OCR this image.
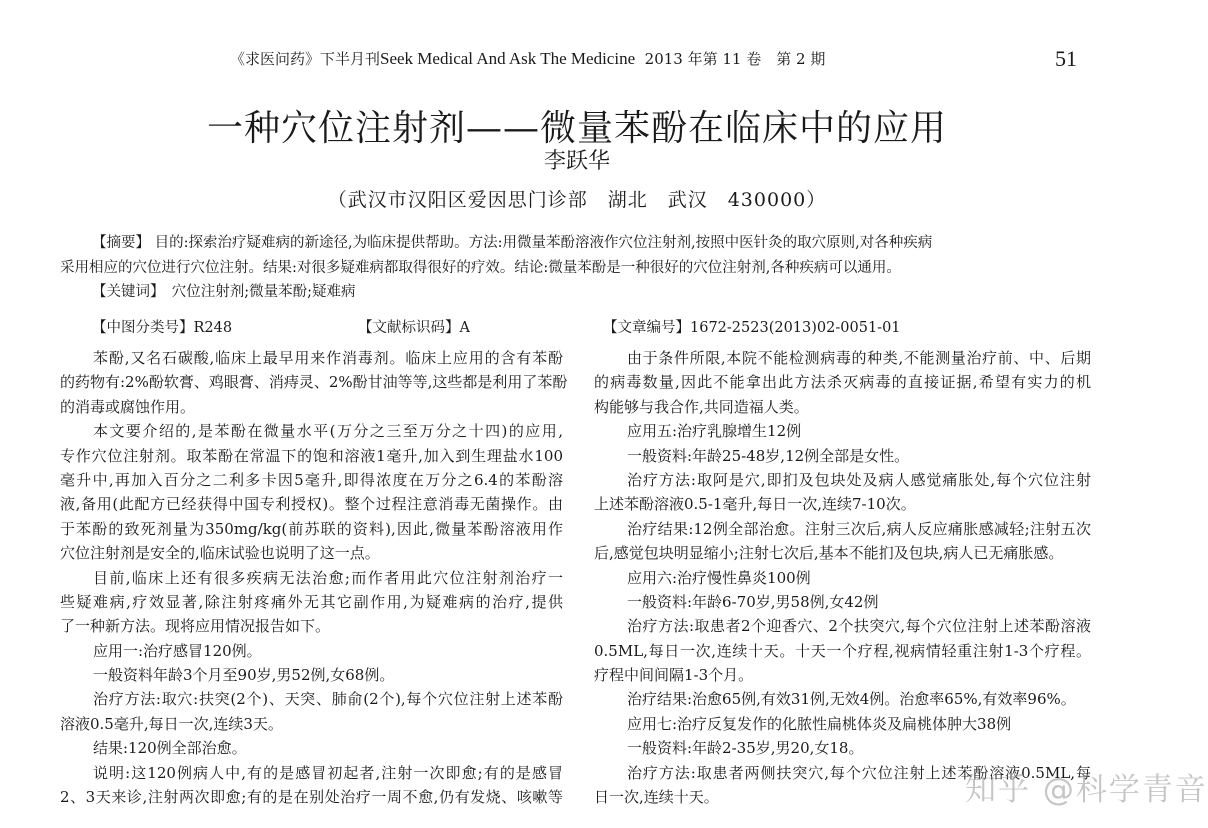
《求医问药》下半月刊Seek Medical And Ask The Medicine 2013 年第 11 卷　第 2 期	51
一种穴位注射剂——微量苯酚在临床中的应用
李跃华
（武汉市汉阳区爱因思门诊部　湖北　武汉　430000）
【摘要】 目的:探索治疗疑难病的新途径,为临床提供帮助。方法:用微量苯酚溶液作穴位注射剂,按照中医针灸的取穴原则,对各种疾病
采用相应的穴位进行穴位注射。结果:对很多疑难病都取得很好的疗效。结论:微量苯酚是一种很好的穴位注射剂,各种疾病可以通用。
【关键词】　穴位注射剂;微量苯酚;疑难病
【中图分类号】R248	【文献标识码】A	【文章编号】1672-2523(2013)02-0051-01
苯酚,又名石碳酸,临床上最早用来作消毒剂。临床上应用的含有苯酚
的药物有:2%酚软膏、鸡眼膏、消痔灵、2%酚甘油等等,这些都是利用了苯酚
的消毒或腐蚀作用。
本文要介绍的,是苯酚在微量水平(万分之三至万分之十四)的应用,
专作穴位注射剂。取苯酚在常温下的饱和溶液1毫升,加入到生理盐水100
毫升中,再加入百分之二利多卡因5毫升,即得浓度在万分之6.4的苯酚溶
液,备用(此配方已经获得中国专利授权)。整个过程注意消毒无菌操作。由
于苯酚的致死剂量为350mg/kg(前苏联的资料),因此,微量苯酚溶液用作
穴位注射剂是安全的,临床试验也说明了这一点。
目前,临床上还有很多疾病无法治愈;而作者用此穴位注射剂治疗一
些疑难病,疗效显著,除注射疼痛外无其它副作用,为疑难病的治疗,提供
了一种新方法。现将应用情况报告如下。
应用一:治疗感冒120例。
一般资料年龄3个月至90岁,男52例,女68例。
治疗方法:取穴:扶突(2个)、天突、肺俞(2个),每个穴位注射上述苯酚
溶液0.5毫升,每日一次,连续3天。
结果:120例全部治愈。
说明:这120例病人中,有的是感冒初起者,注射一次即愈;有的是感冒
2、3天来诊,注射两次即愈;有的是在别处治疗一周不愈,仍有发烧、咳嗽等
由于条件所限,本院不能检测病毒的种类,不能测量治疗前、中、后期
的病毒数量,因此不能拿出此方法杀灭病毒的直接证据,希望有实力的机
构能够与我合作,共同造福人类。
应用五:治疗乳腺增生12例
一般资料:年龄25-48岁,12例全部是女性。
治疗方法:取阿是穴,即扪及包块处及病人感觉痛胀处,每个穴位注射
上述苯酚溶液0.5-1毫升,每日一次,连续7-10次。
治疗结果:12例全部治愈。注射三次后,病人反应痛胀感减轻;注射五次
后,感觉包块明显缩小;注射七次后,基本不能扪及包块,病人已无痛胀感。
应用六:治疗慢性鼻炎100例
一般资料:年龄6-70岁,男58例,女42例
治疗方法:取患者2个迎香穴、2个扶突穴,每个穴位注射上述苯酚溶液
0.5ML,每日一次,连续十天。十天一个疗程,视病情轻重注射1-3个疗程。
疗程中间间隔1-3个月。
治疗结果:治愈65例,有效31例,无效4例。治愈率65%,有效率96%。
应用七:治疗反复发作的化脓性扁桃体炎及扁桃体肿大38例
一般资料:年龄2-35岁,男20,女18。
治疗方法:取患者两侧扶突穴,每个穴位注射上述苯酚溶液0.5ML,每
日一次,连续十天。	知乎 @科学青音
